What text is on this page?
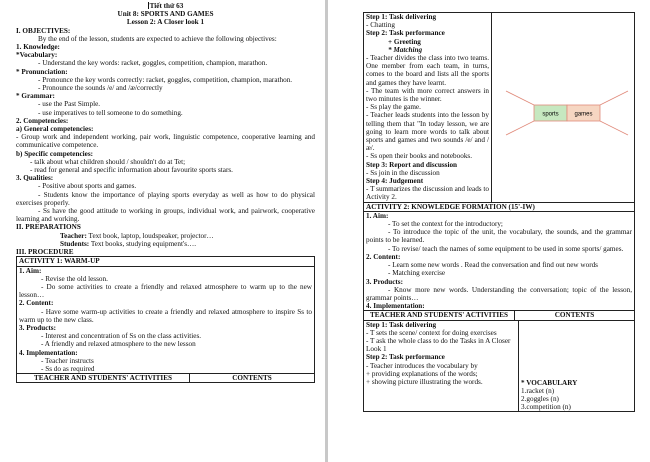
Tiết thứ 63

Unit 8: SPORTS AND GAMES

Lesson 2: A Closer look 1

I. OBJECTIVES:

By the end of the lesson, students are expected to achieve the following objectives:

1. Knowledge:

*Vocabulary:

- Understand the key words: racket, goggles, competition, champion, marathon.

* Pronunciation:

- Pronounce the key words correctly: racket, goggles, competition, champion, marathon.

- Pronounce the sounds /e/ and /æ/correctly

* Grammar:

- use the Past Simple.

- use imperatives to tell someone to do something.

2. Competencies:

a) General competencies:

- Group work and independent working, pair work, linguistic competence, cooperative learning and communicative competence.

b) Specific competencies:

- talk about what children should / shouldn't do at Tet;

- read for general and specific information about favourite sports stars.

3. Qualities:

- Positive about sports and games.

- Students know the importance of playing sports everyday as well as how to do physical exercises properly.

- Ss have the good attitude to working in groups, individual work, and pairwork, cooperative learning and working.

II. PREPARATIONS

Teacher: Text book, laptop, loudspeaker, projector…

Students: Text books, studying equipment's….

III. PROCEDURE

ACTIVITY 1: WARM-UP

1. Aim:

- Revise the old lesson.

- Do some activities to create a friendly and relaxed atmosphere to warm up to the new lesson…

2. Content:

- Have some warm-up activities to create a friendly and relaxed atmosphere to inspire Ss to warm up to the new class.

3. Products:

- Interest and concentration of Ss on the class activities.

- A friendly and relaxed atmosphere to the new lesson

4. Implementation:

- Teacher instructs

- Ss do as required

TEACHER AND STUDENTS' ACTIVITIES	CONTENTS

Step 1: Task delivering

- Chatting

Step 2: Task performance

+ Greeting

* Matching

- Teacher divides the class into two teams. One member from each team, in turns, comes to the board and lists all the sports and games they have learnt.

- The team with more correct answers in two minutes is the winner.

- Ss play the game.

- Teacher leads students into the lesson by telling them that "In today lesson, we are going to learn more words to talk about sports and games and two sounds /e/ and /æ/.

- Ss open their books and notebooks.

Step 3: Report and discussion

- Ss join in the discussion

Step 4: Judgement

- T summarizes the discussion and leads to Activity 2.

sports	games
ACTIVITY 2: KNOWLEDGE FORMATION (15'-IW)

1. Aim:

- To set the context for the introductory;

- To introduce the topic of the unit, the vocabulary, the sounds, and the grammar points to be learned.

- To revise/ teach the names of some equipment to be used in some sports/ games.

2. Content:

- Learn some new words . Read the conversation and find out new words

- Matching exercise

3. Products:

- Know more new words. Understanding the conversation; topic of the lesson, grammar points…

4. Implementation:

TEACHER AND STUDENTS' ACTIVITIES	CONTENTS

Step 1: Task delivering

- T sets the scene/ context for doing exercises

- T ask the whole class to do the Tasks in A Closer Look 1

Step 2: Task performance

- Teacher introduces the vocabulary by

+ providing explanations of the words;

+ showing picture illustrating the words.	* VOCABULARY

1.racket (n)

2.goggles (n)

3.competition (n)
